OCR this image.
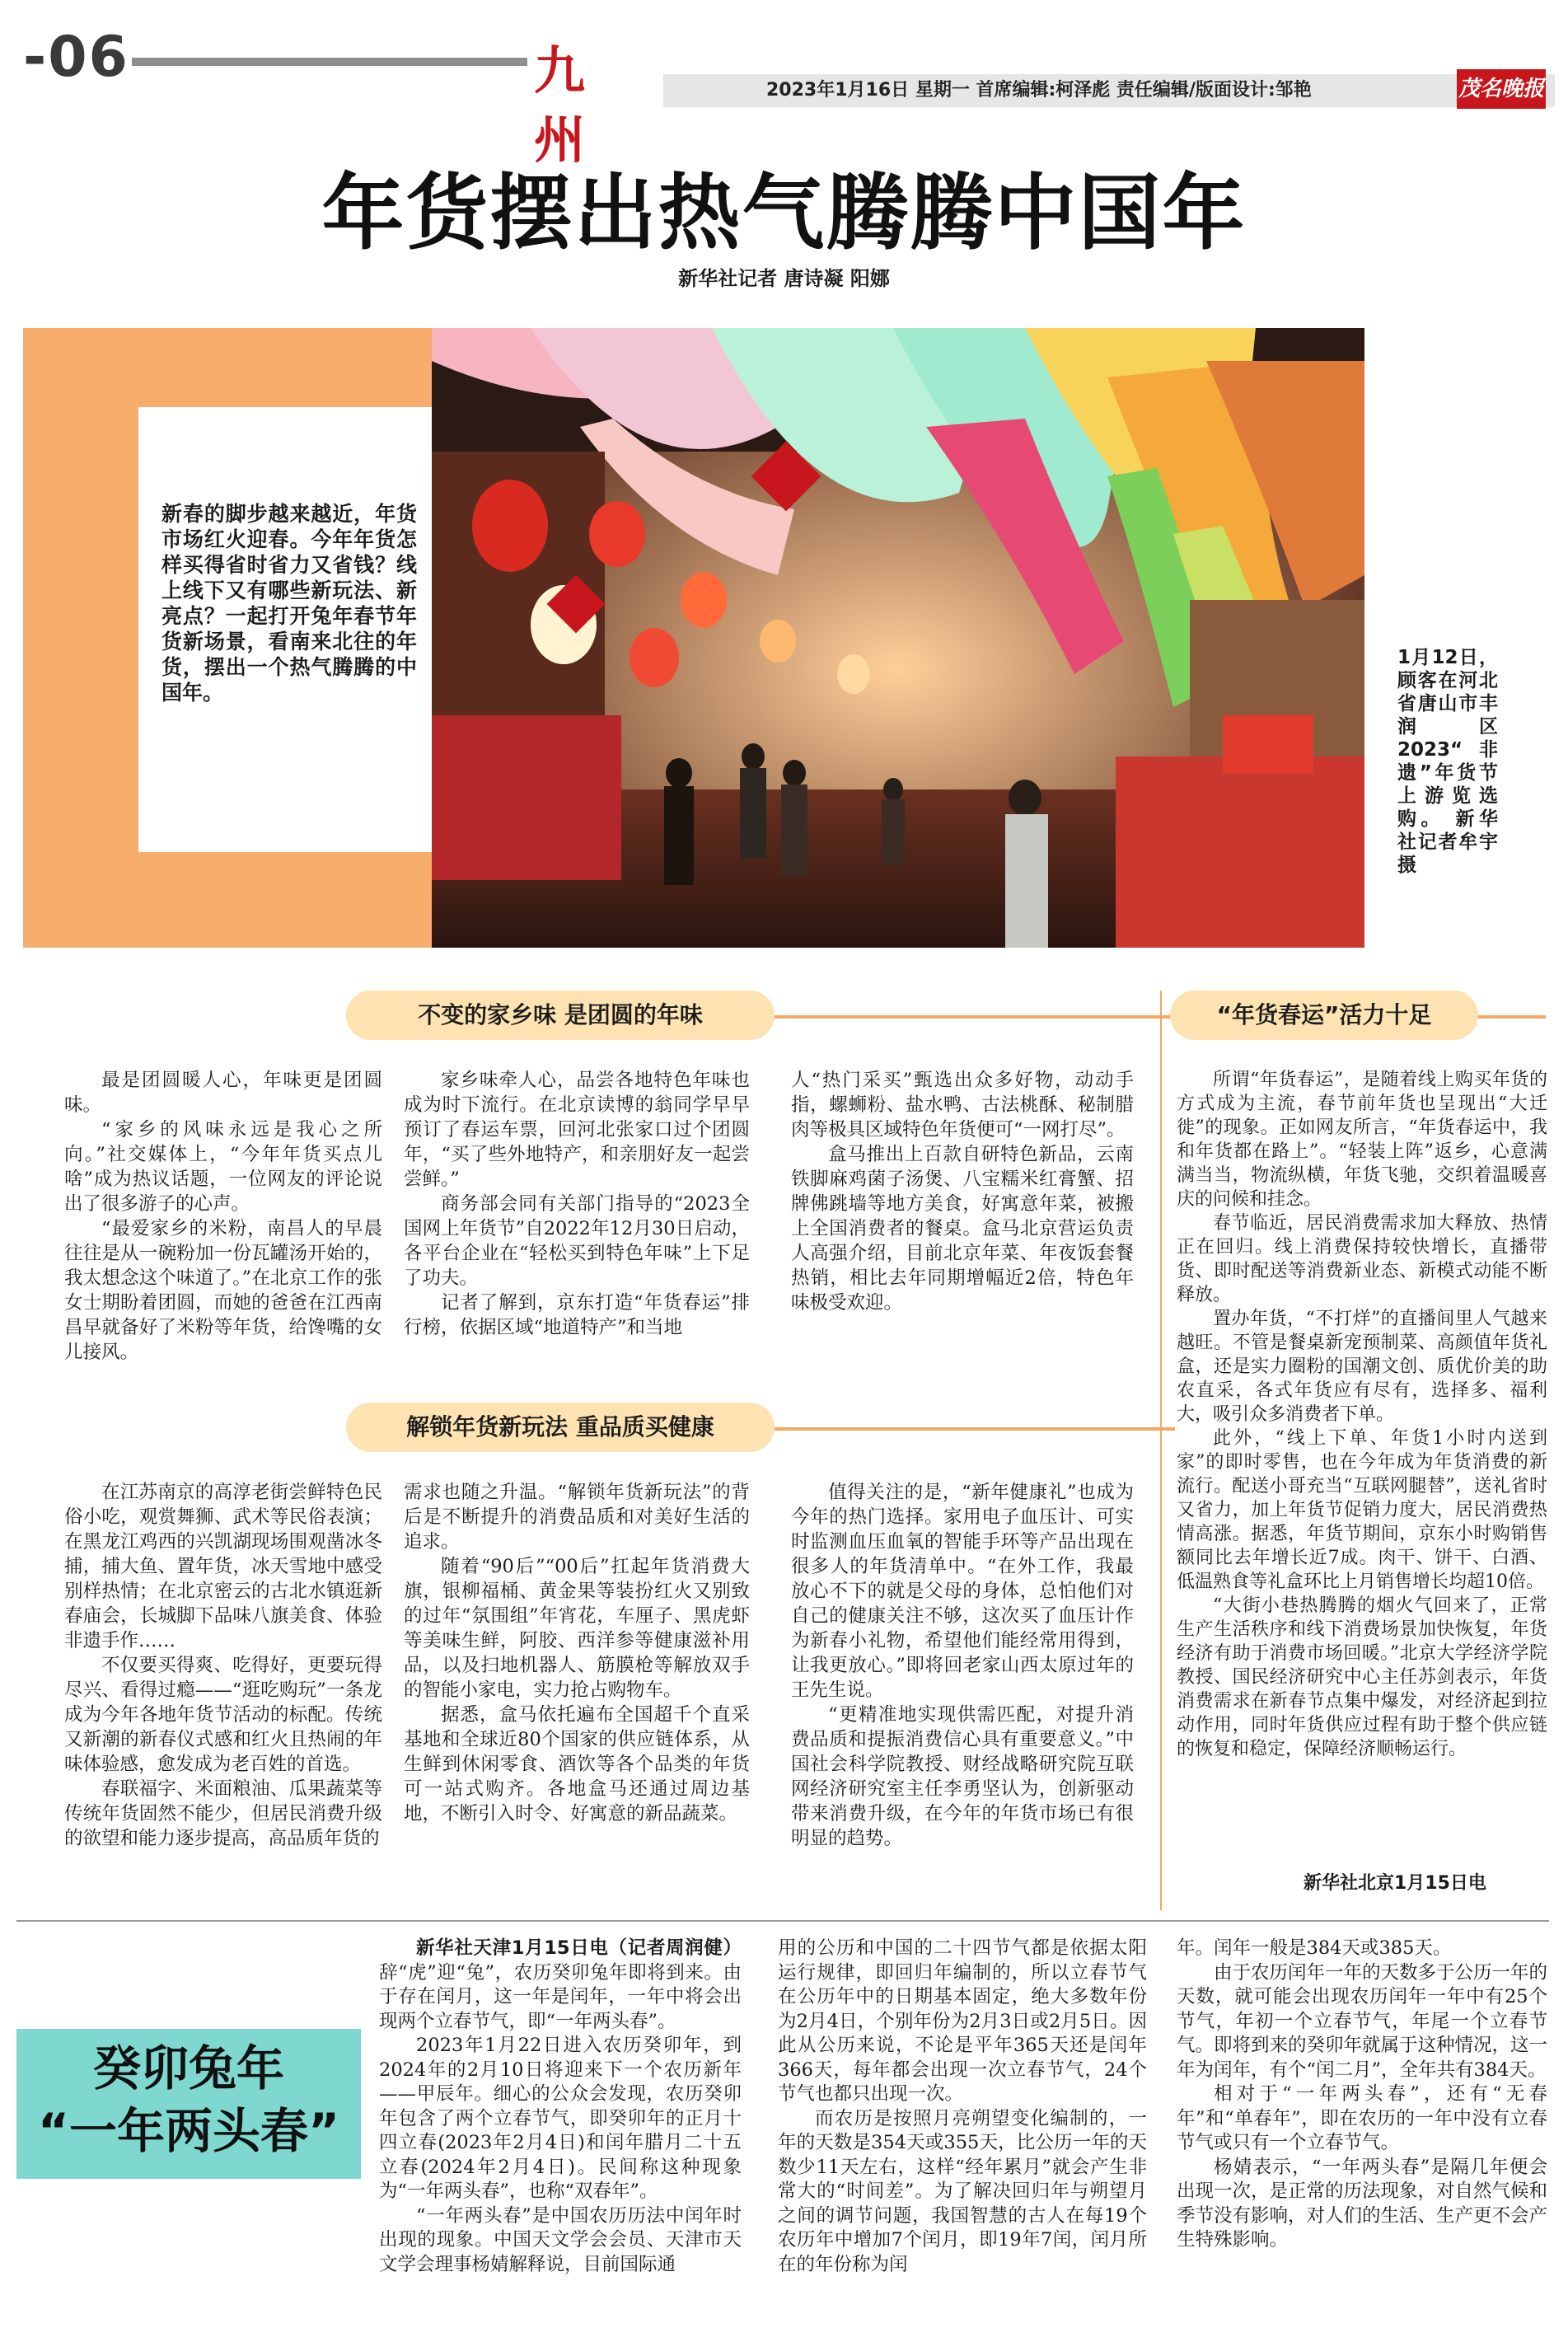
-06	九州
2023年1月16日 星期一 首席编辑:柯泽彪 责任编辑/版面设计:邹艳	茂名晚报
年货摆出热气腾腾中国年
新华社记者 唐诗凝 阳娜
新春的脚步越来越近，年货市场红火迎春。今年年货怎样买得省时省力又省钱？线上线下又有哪些新玩法、新亮点？一起打开兔年春节年货新场景，看南来北往的年货，摆出一个热气腾腾的中国年。
1月12日，顾客在河北省唐山市丰润区2023“非遗”年货节上游览选购。 新华社记者牟宇 摄
不变的家乡味 是团圆的年味	“年货春运”活力十足
解锁年货新玩法 重品质买健康

最是团圆暖人心，年味更是团圆味。

“家乡的风味永远是我心之所向。”社交媒体上，“今年年货买点儿啥”成为热议话题，一位网友的评论说出了很多游子的心声。

“最爱家乡的米粉，南昌人的早晨往往是从一碗粉加一份瓦罐汤开始的，我太想念这个味道了。”在北京工作的张女士期盼着团圆，而她的爸爸在江西南昌早就备好了米粉等年货，给馋嘴的女儿接风。

家乡味牵人心，品尝各地特色年味也成为时下流行。在北京读博的翁同学早早预订了春运车票，回河北张家口过个团圆年，“买了些外地特产，和亲朋好友一起尝尝鲜。”

商务部会同有关部门指导的“2023全国网上年货节”自2022年12月30日启动，各平台企业在“轻松买到特色年味”上下足了功夫。

记者了解到，京东打造“年货春运”排行榜，依据区域“地道特产”和当地

人“热门采买”甄选出众多好物，动动手指，螺蛳粉、盐水鸭、古法桃酥、秘制腊肉等极具区域特色年货便可“一网打尽”。

盒马推出上百款自研特色新品，云南铁脚麻鸡菌子汤煲、八宝糯米红膏蟹、招牌佛跳墙等地方美食，好寓意年菜，被搬上全国消费者的餐桌。盒马北京营运负责人高强介绍，目前北京年菜、年夜饭套餐热销，相比去年同期增幅近2倍，特色年味极受欢迎。

所谓“年货春运”，是随着线上购买年货的方式成为主流，春节前年货也呈现出“大迁徙”的现象。正如网友所言，“年货春运中，我和年货都在路上”。“轻装上阵”返乡，心意满满当当，物流纵横，年货飞驰，交织着温暖喜庆的问候和挂念。

春节临近，居民消费需求加大释放、热情正在回归。线上消费保持较快增长，直播带货、即时配送等消费新业态、新模式动能不断释放。

置办年货，“不打烊”的直播间里人气越来越旺。不管是餐桌新宠预制菜、高颜值年货礼盒，还是实力圈粉的国潮文创、质优价美的助农直采，各式年货应有尽有，选择多、福利大，吸引众多消费者下单。

此外，“线上下单、年货1小时内送到家”的即时零售，也在今年成为年货消费的新流行。配送小哥充当“互联网腿替”，送礼省时又省力，加上年货节促销力度大，居民消费热情高涨。据悉，年货节期间，京东小时购销售额同比去年增长近7成。肉干、饼干、白酒、低温熟食等礼盒环比上月销售增长均超10倍。

“大街小巷热腾腾的烟火气回来了，正常生产生活秩序和线下消费场景加快恢复，年货经济有助于消费市场回暖。”北京大学经济学院教授、国民经济研究中心主任苏剑表示，年货消费需求在新春节点集中爆发，对经济起到拉动作用，同时年货供应过程有助于整个供应链的恢复和稳定，保障经济顺畅运行。

新华社北京1月15日电

在江苏南京的高淳老街尝鲜特色民俗小吃，观赏舞狮、武术等民俗表演；在黑龙江鸡西的兴凯湖现场围观凿冰冬捕，捕大鱼、置年货，冰天雪地中感受别样热情；在北京密云的古北水镇逛新春庙会，长城脚下品味八旗美食、体验非遗手作……

不仅要买得爽、吃得好，更要玩得尽兴、看得过瘾——“逛吃购玩”一条龙成为今年各地年货节活动的标配。传统又新潮的新春仪式感和红火且热闹的年味体验感，愈发成为老百姓的首选。

春联福字、米面粮油、瓜果蔬菜等传统年货固然不能少，但居民消费升级的欲望和能力逐步提高，高品质年货的

需求也随之升温。“解锁年货新玩法”的背后是不断提升的消费品质和对美好生活的追求。

随着“90后”“00后”扛起年货消费大旗，银柳福桶、黄金果等装扮红火又别致的过年“氛围组”年宵花，车厘子、黑虎虾等美味生鲜，阿胶、西洋参等健康滋补用品，以及扫地机器人、筋膜枪等解放双手的智能小家电，实力抢占购物车。

据悉，盒马依托遍布全国超千个直采基地和全球近80个国家的供应链体系，从生鲜到休闲零食、酒饮等各个品类的年货可一站式购齐。各地盒马还通过周边基地，不断引入时令、好寓意的新品蔬菜。

值得关注的是，“新年健康礼”也成为今年的热门选择。家用电子血压计、可实时监测血压血氧的智能手环等产品出现在很多人的年货清单中。“在外工作，我最放心不下的就是父母的身体，总怕他们对自己的健康关注不够，这次买了血压计作为新春小礼物，希望他们能经常用得到，让我更放心。”即将回老家山西太原过年的王先生说。

“更精准地实现供需匹配，对提升消费品质和提振消费信心具有重要意义。”中国社会科学院教授、财经战略研究院互联网经济研究室主任李勇坚认为，创新驱动带来消费升级，在今年的年货市场已有很明显的趋势。

癸卯兔年
“一年两头春”

新华社天津1月15日电（记者周润健）辞“虎”迎“兔”，农历癸卯兔年即将到来。由于存在闰月，这一年是闰年，一年中将会出现两个立春节气，即“一年两头春”。

2023年1月22日进入农历癸卯年，到2024年的2月10日将迎来下一个农历新年——甲辰年。细心的公众会发现，农历癸卯年包含了两个立春节气，即癸卯年的正月十四立春(2023年2月4日)和闰年腊月二十五立春(2024年2月4日)。民间称这种现象为“一年两头春”，也称“双春年”。

“一年两头春”是中国农历历法中闰年时出现的现象。中国天文学会会员、天津市天文学会理事杨婧解释说，目前国际通

用的公历和中国的二十四节气都是依据太阳运行规律，即回归年编制的，所以立春节气在公历年中的日期基本固定，绝大多数年份为2月4日，个别年份为2月3日或2月5日。因此从公历来说，不论是平年365天还是闰年366天，每年都会出现一次立春节气，24个节气也都只出现一次。

而农历是按照月亮朔望变化编制的，一年的天数是354天或355天，比公历一年的天数少11天左右，这样“经年累月”就会产生非常大的“时间差”。为了解决回归年与朔望月之间的调节问题，我国智慧的古人在每19个农历年中增加7个闰月，即19年7闰，闰月所在的年份称为闰

年。闰年一般是384天或385天。

由于农历闰年一年的天数多于公历一年的天数，就可能会出现农历闰年一年中有25个节气，年初一个立春节气，年尾一个立春节气。即将到来的癸卯年就属于这种情况，这一年为闰年，有个“闰二月”，全年共有384天。

相对于“一年两头春”，还有“无春年”和“单春年”，即在农历的一年中没有立春节气或只有一个立春节气。

杨婧表示，“一年两头春”是隔几年便会出现一次，是正常的历法现象，对自然气候和季节没有影响，对人们的生活、生产更不会产生特殊影响。
